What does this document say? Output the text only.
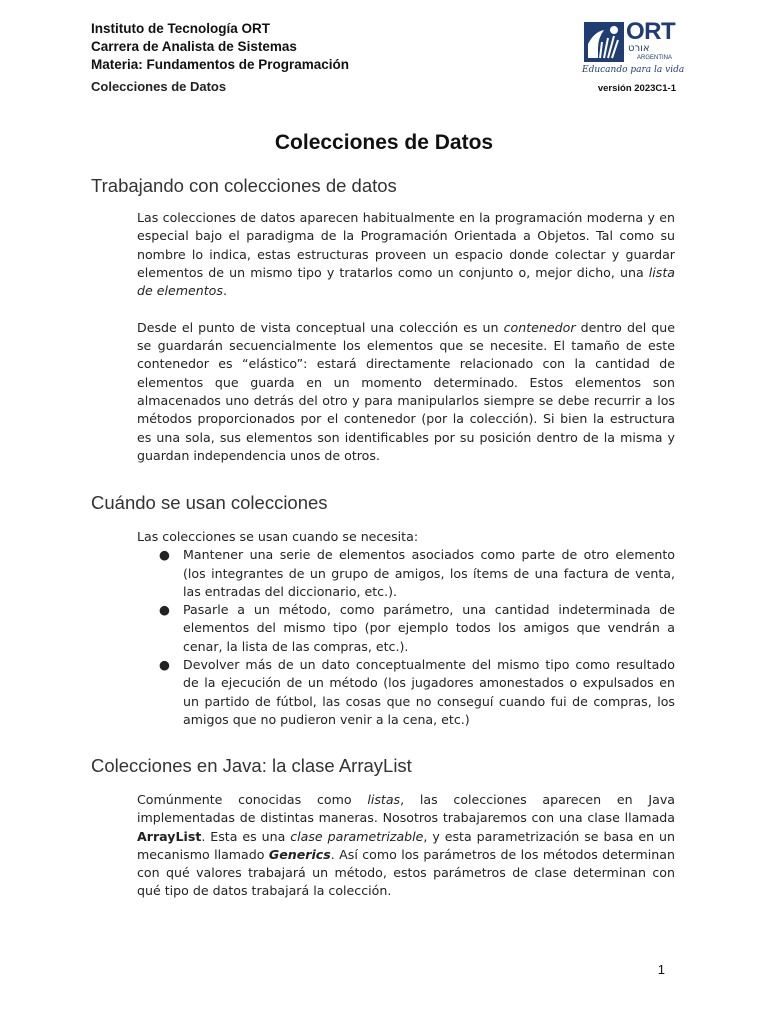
Instituto de Tecnología ORT
Carrera de Analista de Sistemas
Materia: Fundamentos de Programación
Colecciones de Datos	versión 2023C1-1
ORT
אורט
ARGENTINA
Educando para la vida
Colecciones de Datos
Trabajando con colecciones de datos

Las colecciones de datos aparecen habitualmente en la programación moderna y en especial bajo el paradigma de la Programación Orientada a Objetos. Tal como su nombre lo indica, estas estructuras proveen un espacio donde colectar y guardar elementos de un mismo tipo y tratarlos como un conjunto o, mejor dicho, una lista de elementos.

Desde el punto de vista conceptual una colección es un contenedor dentro del que se guardarán secuencialmente los elementos que se necesite. El tamaño de este contenedor es “elástico”: estará directamente relacionado con la cantidad de elementos que guarda en un momento determinado. Estos elementos son almacenados uno detrás del otro y para manipularlos siempre se debe recurrir a los métodos proporcionados por el contenedor (por la colección). Si bien la estructura es una sola, sus elementos son identificables por su posición dentro de la misma y guardan independencia unos de otros.

Cuándo se usan colecciones

Las colecciones se usan cuando se necesita:

● Mantener una serie de elementos asociados como parte de otro elemento (los integrantes de un grupo de amigos, los ítems de una factura de venta, las entradas del diccionario, etc.).
● Pasarle a un método, como parámetro, una cantidad indeterminada de elementos del mismo tipo (por ejemplo todos los amigos que vendrán a cenar, la lista de las compras, etc.).
● Devolver más de un dato conceptualmente del mismo tipo como resultado de la ejecución de un método (los jugadores amonestados o expulsados en un partido de fútbol, las cosas que no conseguí cuando fui de compras, los amigos que no pudieron venir a la cena, etc.)
Colecciones en Java: la clase ArrayList

Comúnmente conocidas como listas, las colecciones aparecen en Java implementadas de distintas maneras. Nosotros trabajaremos con una clase llamada ArrayList. Esta es una clase parametrizable, y esta parametrización se basa en un mecanismo llamado Generics. Así como los parámetros de los métodos determinan con qué valores trabajará un método, estos parámetros de clase determinan con qué tipo de datos trabajará la colección.

1
